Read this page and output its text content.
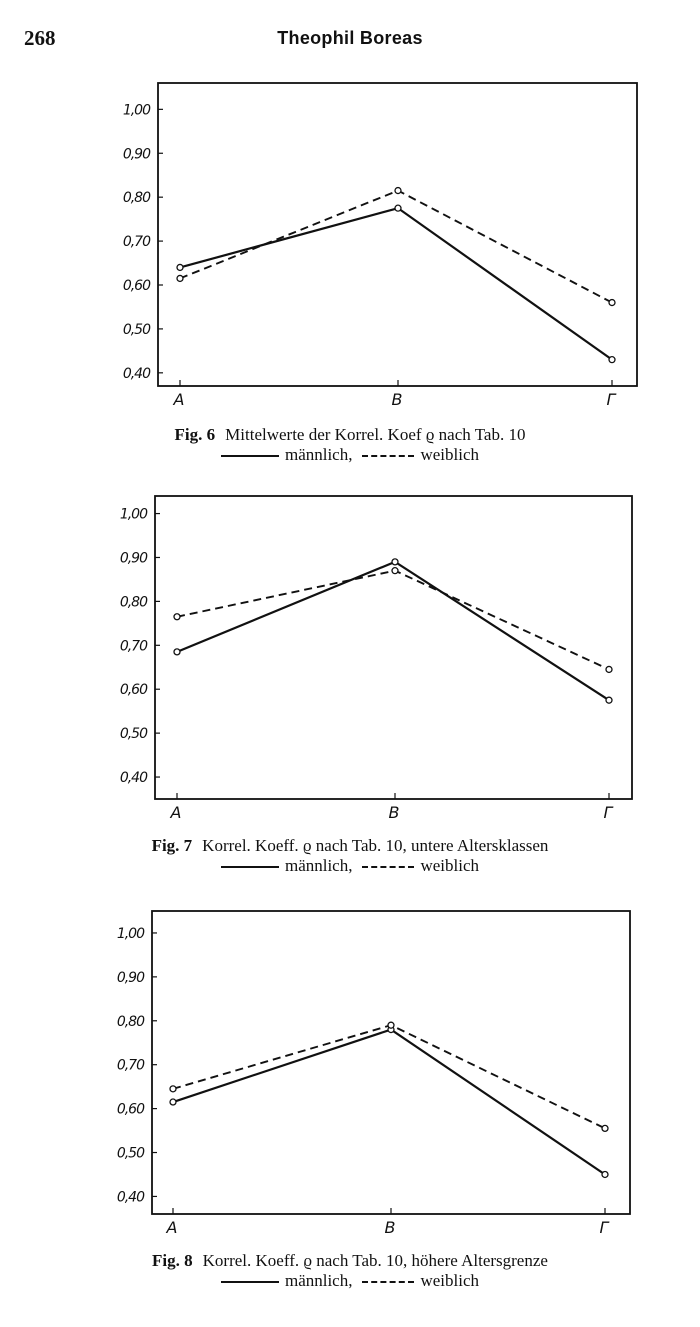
268	Theophil Boreas
1,00
0,90
0,80
0,70
0,60
0,50
0,40
A	B	Γ
Fig. 6 Mittelwerte der Korrel. Koef ϱ nach Tab. 10
männlich,	weiblich
1,00
0,90
0,80
0,70
0,60
0,50
0,40
A	B	Γ
Fig. 7 Korrel. Koeff. ϱ nach Tab. 10, untere Altersklassen
männlich,	weiblich
1,00
0,90
0,80
0,70
0,60
0,50
0,40
A	B	Γ
Fig. 8 Korrel. Koeff. ϱ nach Tab. 10, höhere Altersgrenze
männlich,	weiblich
